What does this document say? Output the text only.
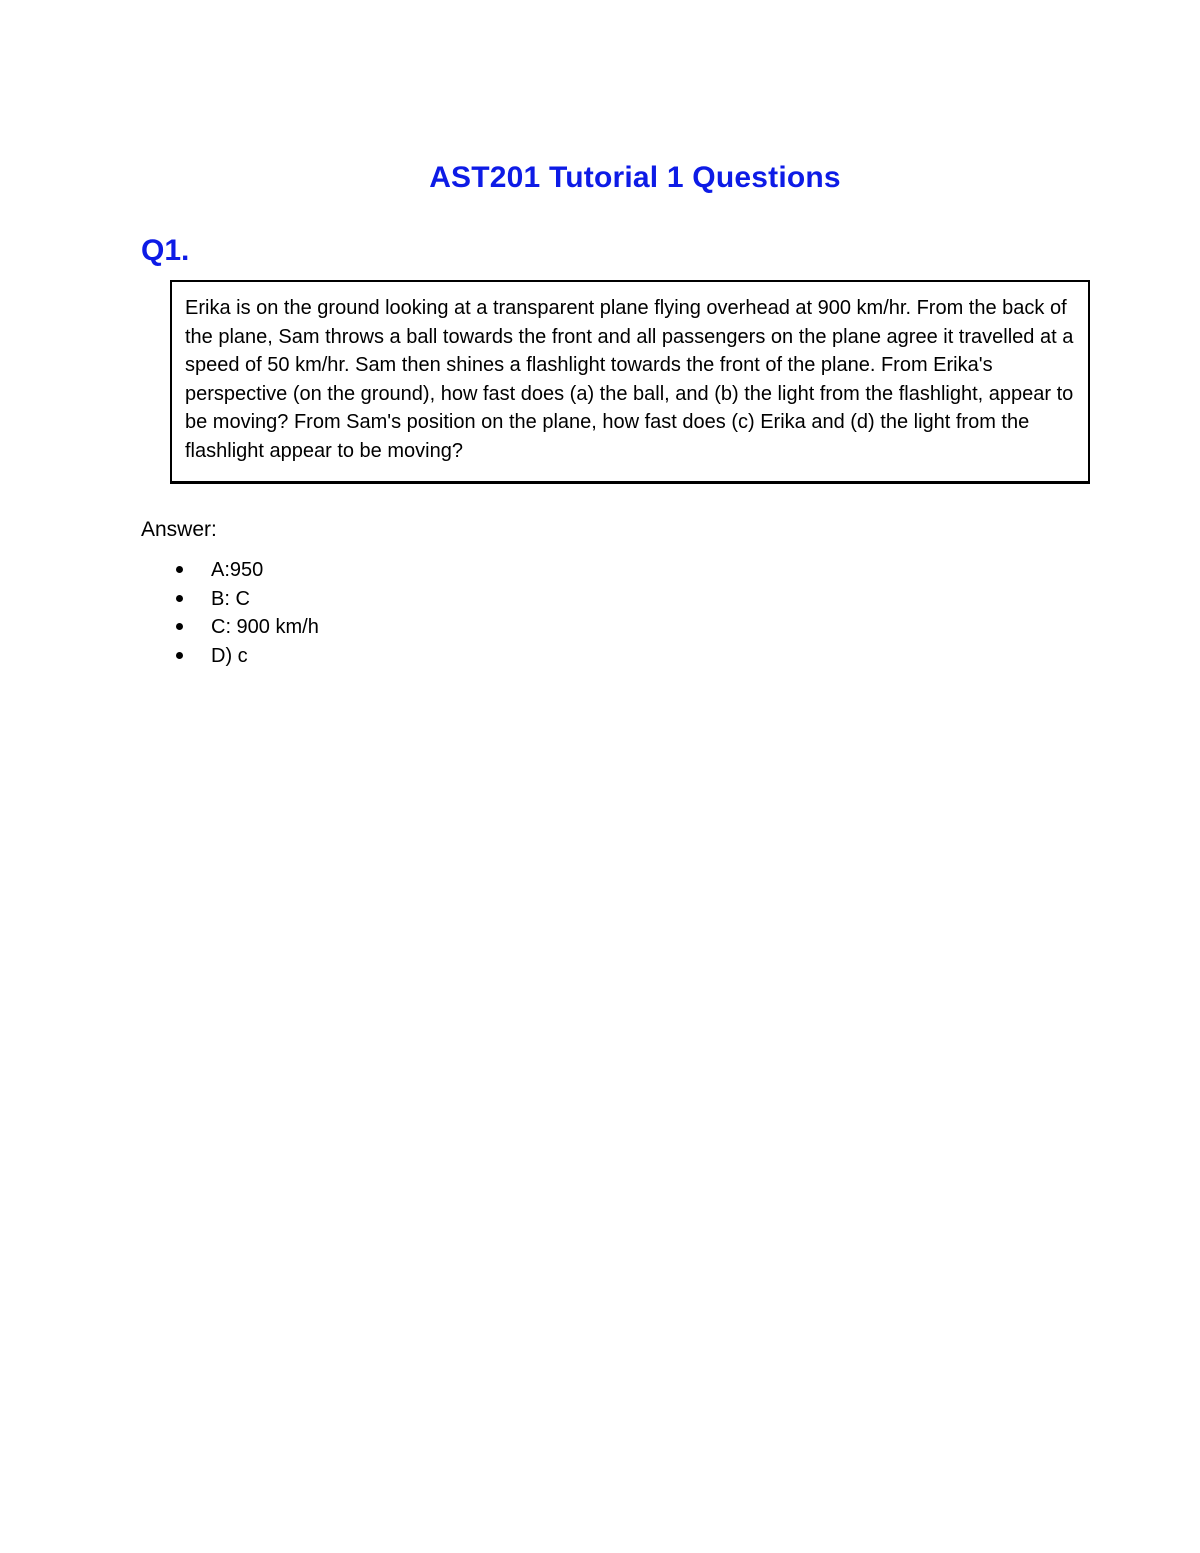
AST201 Tutorial 1 Questions
Q1.
Erika is on the ground looking at a transparent plane flying overhead at 900 km/hr. From the back of the plane, Sam throws a ball towards the front and all passengers on the plane agree it travelled at a speed of 50 km/hr. Sam then shines a flashlight towards the front of the plane. From Erika's perspective (on the ground), how fast does (a) the ball, and (b) the light from the flashlight, appear to be moving? From Sam's position on the plane, how fast does (c) Erika and (d) the light from the flashlight appear to be moving?
Answer:
A:950
B: C
C: 900 km/h
D) c
